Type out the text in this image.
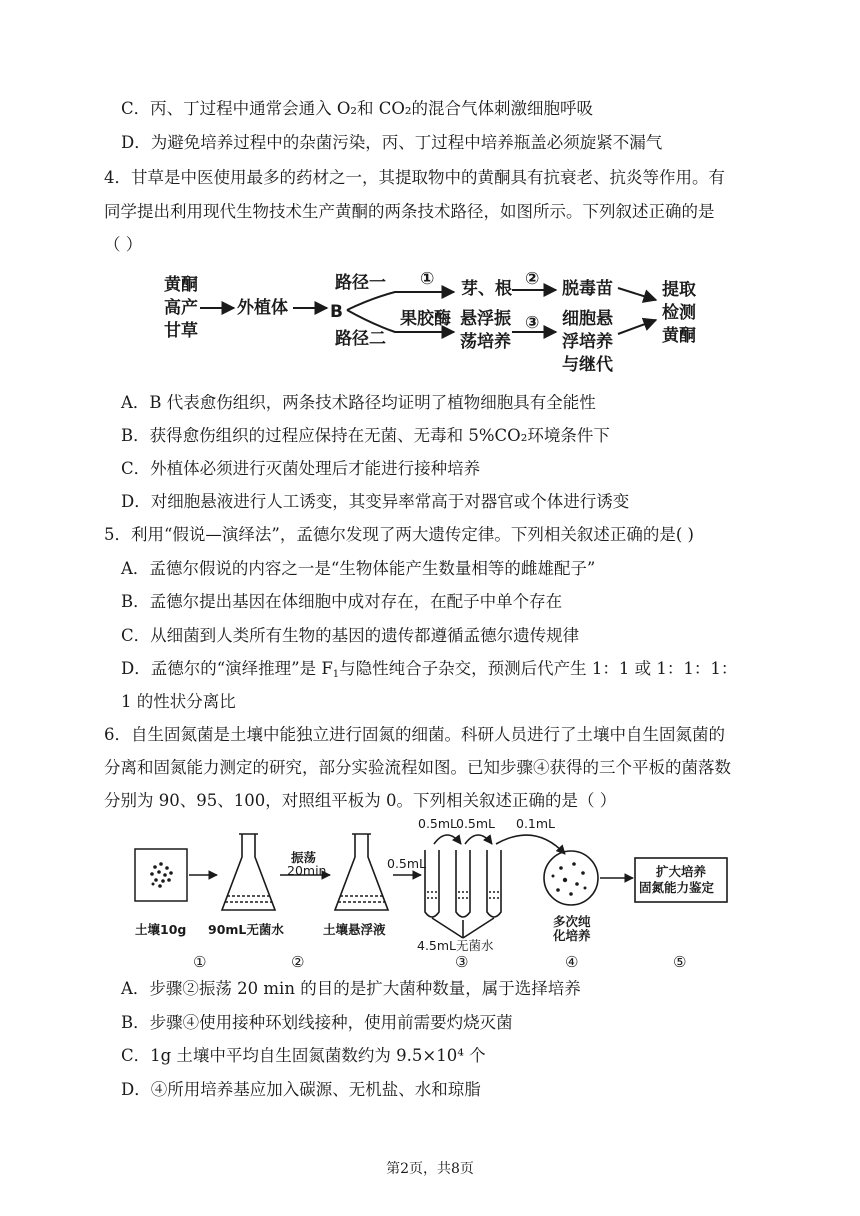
C．丙、丁过程中通常会通入 O₂和 CO₂的混合气体刺激细胞呼吸
D．为避免培养过程中的杂菌污染，丙、丁过程中培养瓶盖必须旋紧不漏气
4．甘草是中医使用最多的药材之一，其提取物中的黄酮具有抗衰老、抗炎等作用。有
同学提出利用现代生物技术生产黄酮的两条技术路径，如图所示。下列叙述正确的是
（ ）
黄酮
高产
甘草
外植体 B
路径一
路径二
① 芽、根 ② 脱毒苗
果胶酶 悬浮振
荡培养
③ 细胞悬
浮培养
与继代
提取
检测
黄酮
A．B 代表愈伤组织，两条技术路径均证明了植物细胞具有全能性
B．获得愈伤组织的过程应保持在无菌、无毒和 5%CO₂环境条件下
C．外植体必须进行灭菌处理后才能进行接种培养
D．对细胞悬液进行人工诱变，其变异率常高于对器官或个体进行诱变
5．利用“假说—演绎法”，孟德尔发现了两大遗传定律。下列相关叙述正确的是( )
A．孟德尔假说的内容之一是“生物体能产生数量相等的雌雄配子”
B．孟德尔提出基因在体细胞中成对存在，在配子中单个存在
C．从细菌到人类所有生物的基因的遗传都遵循孟德尔遗传规律
D．孟德尔的“演绎推理”是 $F_1$与隐性纯合子杂交，预测后代产生 1：1 或 1：1：1：
1 的性状分离比
6．自生固氮菌是土壤中能独立进行固氮的细菌。科研人员进行了土壤中自生固氮菌的
分离和固氮能力测定的研究，部分实验流程如图。已知步骤④获得的三个平板的菌落数
分别为 90、95、100，对照组平板为 0。下列相关叙述正确的是（ ）
土壤10g 90mL无菌水
振荡
20min
土壤悬浮液
0.5mL
0.5mL
0.5mL 0.1mL
4.5mL无菌水
多次纯
化培养
扩大培养
固氮能力鉴定
①	②	③	④	⑤
A．步骤②振荡 20 min 的目的是扩大菌种数量，属于选择培养
B．步骤④使用接种环划线接种，使用前需要灼烧灭菌
C．1g 土壤中平均自生固氮菌数约为 9.5×10⁴ 个
D．④所用培养基应加入碳源、无机盐、水和琼脂
第2页，共8页
